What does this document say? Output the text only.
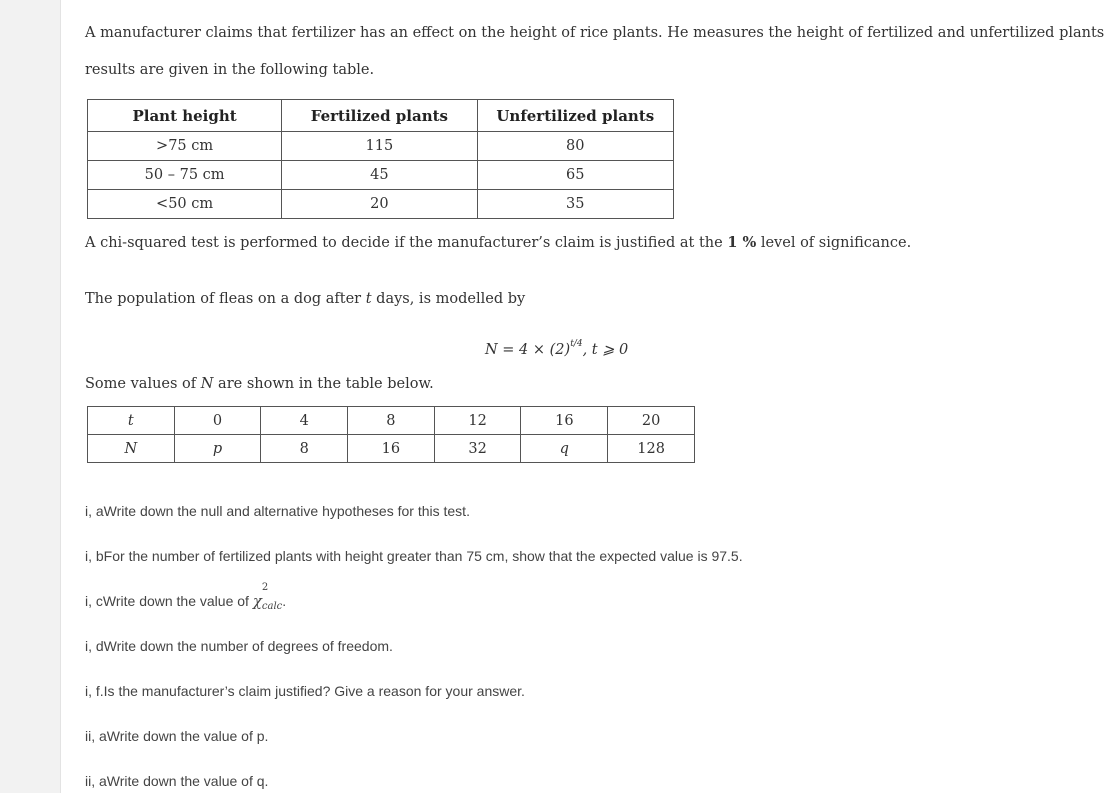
A manufacturer claims that fertilizer has an effect on the height of rice plants. He measures the height of fertilized and unfertilized plants
results are given in the following table.
Plant height	Fertilized plants	Unfertilized plants
>75 cm	115	80
50 – 75 cm	45	65
<50 cm	20	35
A chi-squared test is performed to decide if the manufacturer’s claim is justified at the 1 % level of significance.
The population of fleas on a dog after t days, is modelled by
$N = 4 \times (2)^{t/4}$, t ⩾ 0
Some values of N are shown in the table below.
t	0	4	8	12	16	20
N	p	8	16	32	q	128
i, aWrite down the null and alternative hypotheses for this test.
i, bFor the number of fertilized plants with height greater than 75 cm, show that the expected value is 97.5.
i, cWrite down the value of χ
2
$_{calc}$.
i, dWrite down the number of degrees of freedom.
i, f.Is the manufacturer’s claim justified? Give a reason for your answer.
ii, aWrite down the value of p.
ii, aWrite down the value of q.
